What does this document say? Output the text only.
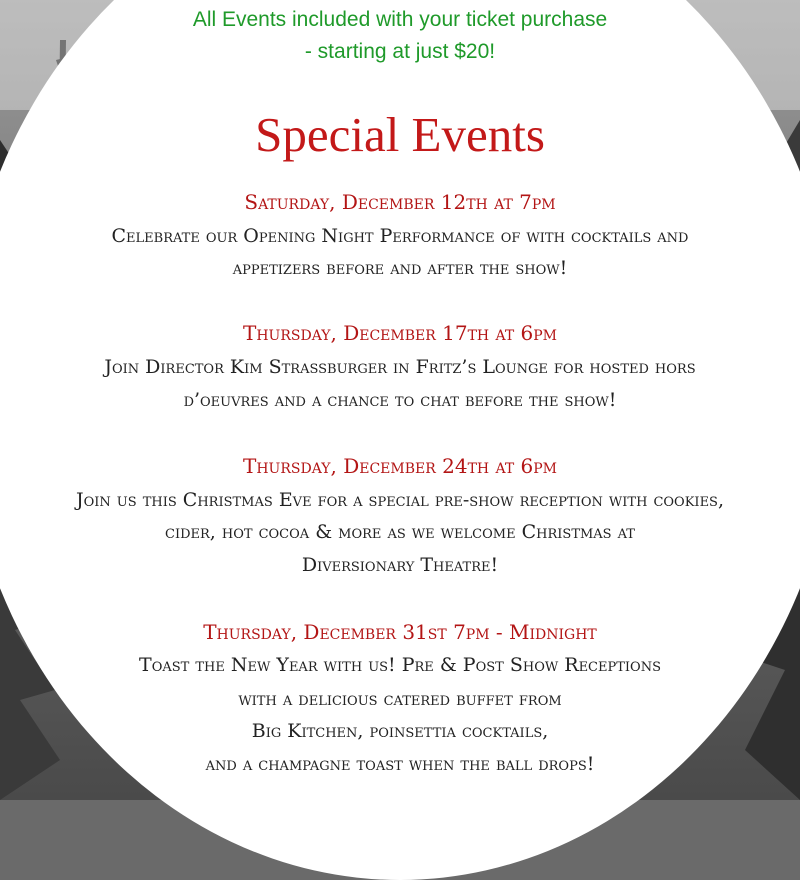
All Events included with your ticket purchase
- starting at just $20!
Special Events
Saturday, December 12th at 7pm
Celebrate our Opening Night Performance of with cocktails and
appetizers before and after the show!
Thursday, December 17th at 6pm
Join Director Kim Strassburger in Fritz’s Lounge for hosted hors
d’oeuvres and a chance to chat before the show!
Thursday, December 24th at 6pm
Join us this Christmas Eve for a special pre-show reception with cookies,
cider, hot cocoa & more as we welcome Christmas at
Diversionary Theatre!
Thursday, December 31st 7pm - Midnight
Toast the New Year with us! Pre & Post Show Receptions
with a delicious catered buffet from
Big Kitchen, poinsettia cocktails,
and a champagne toast when the ball drops!
